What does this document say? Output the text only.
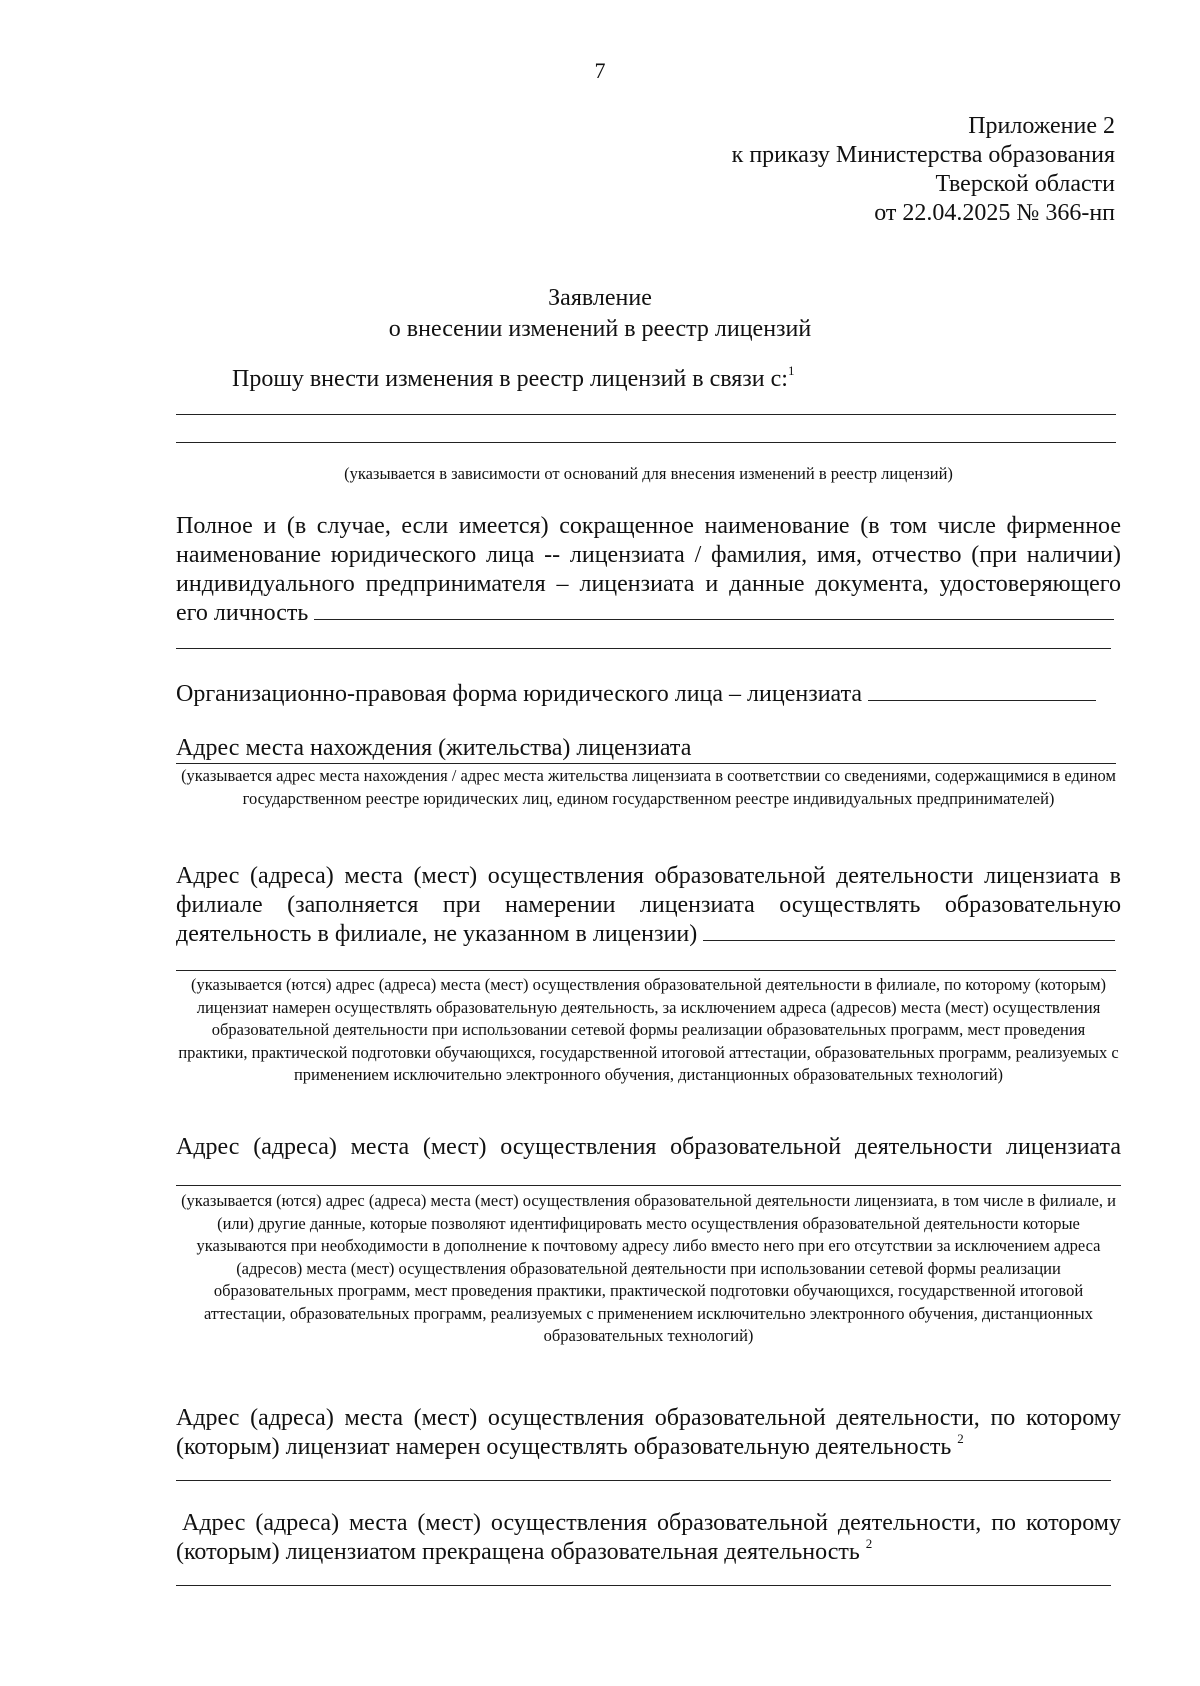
7
Приложение 2
к приказу Министерства образования
Тверской области
от 22.04.2025 № 366-нп
Заявление
о внесении изменений в реестр лицензий
Прошу внести изменения в реестр лицензий в связи с:$^1$
(указывается в зависимости от оснований для внесения изменений в реестр лицензий)
Полное и (в случае, если имеется) сокращенное наименование (в том числе фирменное наименование юридического лица -- лицензиата / фамилия, имя, отчество (при наличии) индивидуального предпринимателя – лицензиата и данные документа, удостоверяющего
его личность
Организационно-правовая форма юридического лица – лицензиата
Адрес места нахождения (жительства) лицензиата
(указывается адрес места нахождения / адрес места жительства лицензиата в соответствии со сведениями, содержащимися в едином государственном реестре юридических лиц, едином государственном реестре индивидуальных предпринимателей)
Адрес (адреса) места (мест) осуществления образовательной деятельности лицензиата в филиале (заполняется при намерении лицензиата осуществлять образовательную
деятельность в филиале, не указанном в лицензии)
(указывается (ются) адрес (адреса) места (мест) осуществления образовательной деятельности в филиале, по которому (которым) лицензиат намерен осуществлять образовательную деятельность, за исключением адреса (адресов) места (мест) осуществления образовательной деятельности при использовании сетевой формы реализации образовательных программ, мест проведения практики, практической подготовки обучающихся, государственной итоговой аттестации, образовательных программ, реализуемых с применением исключительно электронного обучения, дистанционных образовательных технологий)
Адрес (адреса) места (мест) осуществления образовательной деятельности лицензиата
(указывается (ются) адрес (адреса) места (мест) осуществления образовательной деятельности лицензиата, в том числе в филиале, и (или) другие данные, которые позволяют идентифицировать место осуществления образовательной деятельности которые указываются при необходимости в дополнение к почтовому адресу либо вместо него при его отсутствии за исключением адреса (адресов) места (мест) осуществления образовательной деятельности при использовании сетевой формы реализации образовательных программ, мест проведения практики, практической подготовки обучающихся, государственной итоговой аттестации, образовательных программ, реализуемых с применением исключительно электронного обучения, дистанционных образовательных технологий)
Адрес (адреса) места (мест) осуществления образовательной деятельности, по которому (которым) лицензиат намерен осуществлять образовательную деятельность $^2$
Адрес (адреса) места (мест) осуществления образовательной деятельности, по которому (которым) лицензиатом прекращена образовательная деятельность $^2$
